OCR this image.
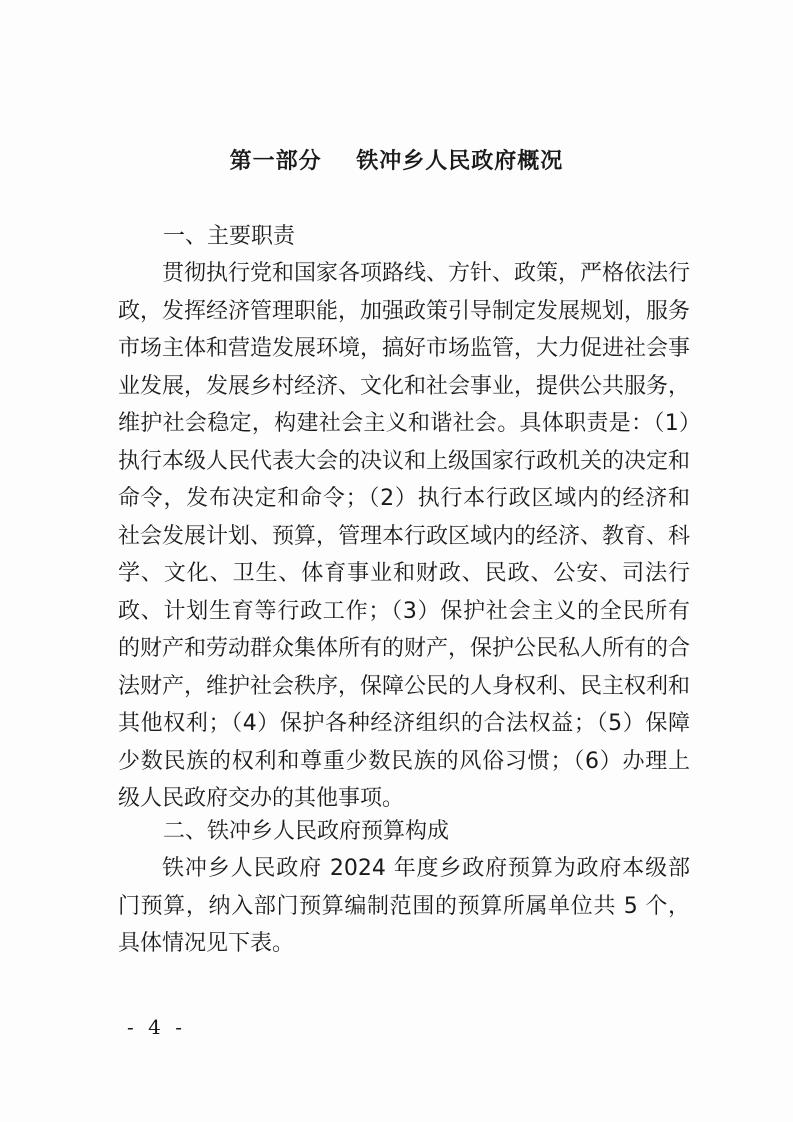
第一部分    铁冲乡人民政府概况
一、主要职责

贯彻执行党和国家各项路线、方针、政策，严格依法行政，发挥经济管理职能，加强政策引导制定发展规划，服务市场主体和营造发展环境，搞好市场监管，大力促进社会事业发展，发展乡村经济、文化和社会事业，提供公共服务，维护社会稳定，构建社会主义和谐社会。具体职责是：（1）执行本级人民代表大会的决议和上级国家行政机关的决定和命令，发布决定和命令；（2）执行本行政区域内的经济和社会发展计划、预算，管理本行政区域内的经济、教育、科学、文化、卫生、体育事业和财政、民政、公安、司法行政、计划生育等行政工作；（3）保护社会主义的全民所有的财产和劳动群众集体所有的财产，保护公民私人所有的合法财产，维护社会秩序，保障公民的人身权利、民主权利和其他权利；（4）保护各种经济组织的合法权益；（5）保障少数民族的权利和尊重少数民族的风俗习惯；（6）办理上级人民政府交办的其他事项。

二、铁冲乡人民政府预算构成

铁冲乡人民政府 2024 年度乡政府预算为政府本级部门预算，纳入部门预算编制范围的预算所属单位共 5 个，具体情况见下表。

- 4 -
